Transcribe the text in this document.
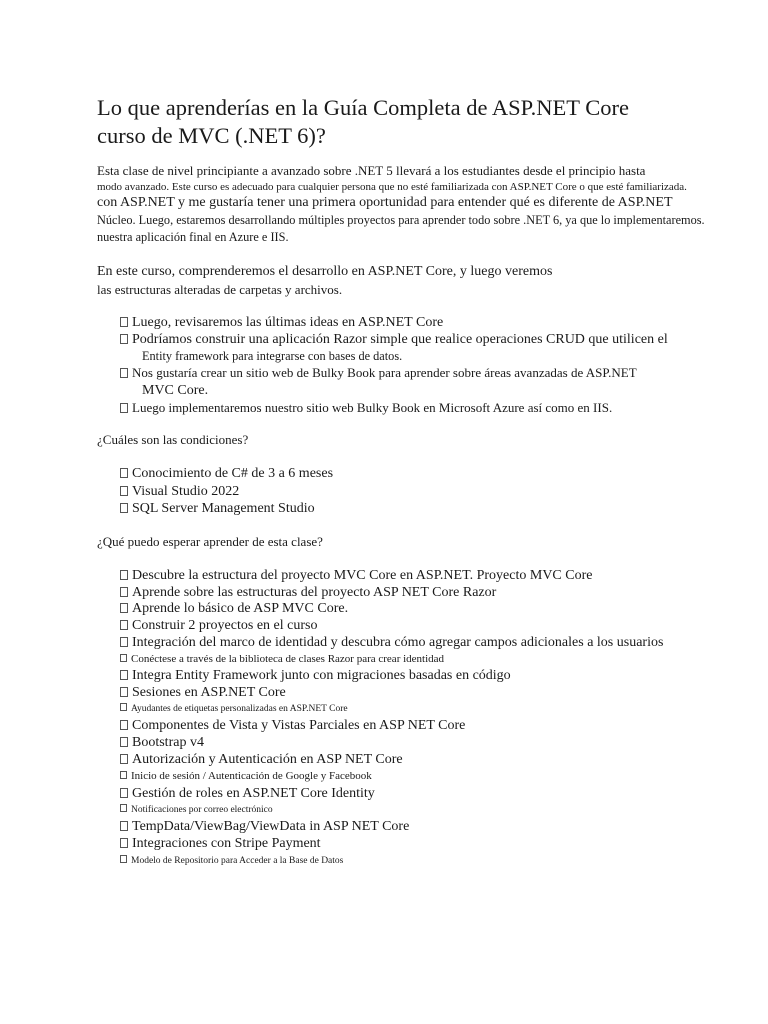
Lo que aprenderías en la Guía Completa de ASP.NET Core
curso de MVC (.NET 6)?

Esta clase de nivel principiante a avanzado sobre .NET 5 llevará a los estudiantes desde el principio hasta

modo avanzado. Este curso es adecuado para cualquier persona que no esté familiarizada con ASP.NET Core o que esté familiarizada.

con ASP.NET y me gustaría tener una primera oportunidad para entender qué es diferente de ASP.NET

Núcleo. Luego, estaremos desarrollando múltiples proyectos para aprender todo sobre .NET 6, ya que lo implementaremos.

nuestra aplicación final en Azure e IIS.

En este curso, comprenderemos el desarrollo en ASP.NET Core, y luego veremos

las estructuras alteradas de carpetas y archivos.

Luego, revisaremos las últimas ideas en ASP.NET Core

Podríamos construir una aplicación Razor simple que realice operaciones CRUD que utilicen el

Entity framework para integrarse con bases de datos.

Nos gustaría crear un sitio web de Bulky Book para aprender sobre áreas avanzadas de ASP.NET

MVC Core.

Luego implementaremos nuestro sitio web Bulky Book en Microsoft Azure así como en IIS.

¿Cuáles son las condiciones?

Conocimiento de C# de 3 a 6 meses

Visual Studio 2022

SQL Server Management Studio

¿Qué puedo esperar aprender de esta clase?

Descubre la estructura del proyecto MVC Core en ASP.NET. Proyecto MVC Core

Aprende sobre las estructuras del proyecto ASP NET Core Razor

Aprende lo básico de ASP MVC Core.

Construir 2 proyectos en el curso

Integración del marco de identidad y descubra cómo agregar campos adicionales a los usuarios

Conéctese a través de la biblioteca de clases Razor para crear identidad

Integra Entity Framework junto con migraciones basadas en código

Sesiones en ASP.NET Core

Ayudantes de etiquetas personalizadas en ASP.NET Core

Componentes de Vista y Vistas Parciales en ASP NET Core

Bootstrap v4

Autorización y Autenticación en ASP NET Core

Inicio de sesión / Autenticación de Google y Facebook

Gestión de roles en ASP.NET Core Identity

Notificaciones por correo electrónico

TempData/ViewBag/ViewData in ASP NET Core

Integraciones con Stripe Payment

Modelo de Repositorio para Acceder a la Base de Datos
